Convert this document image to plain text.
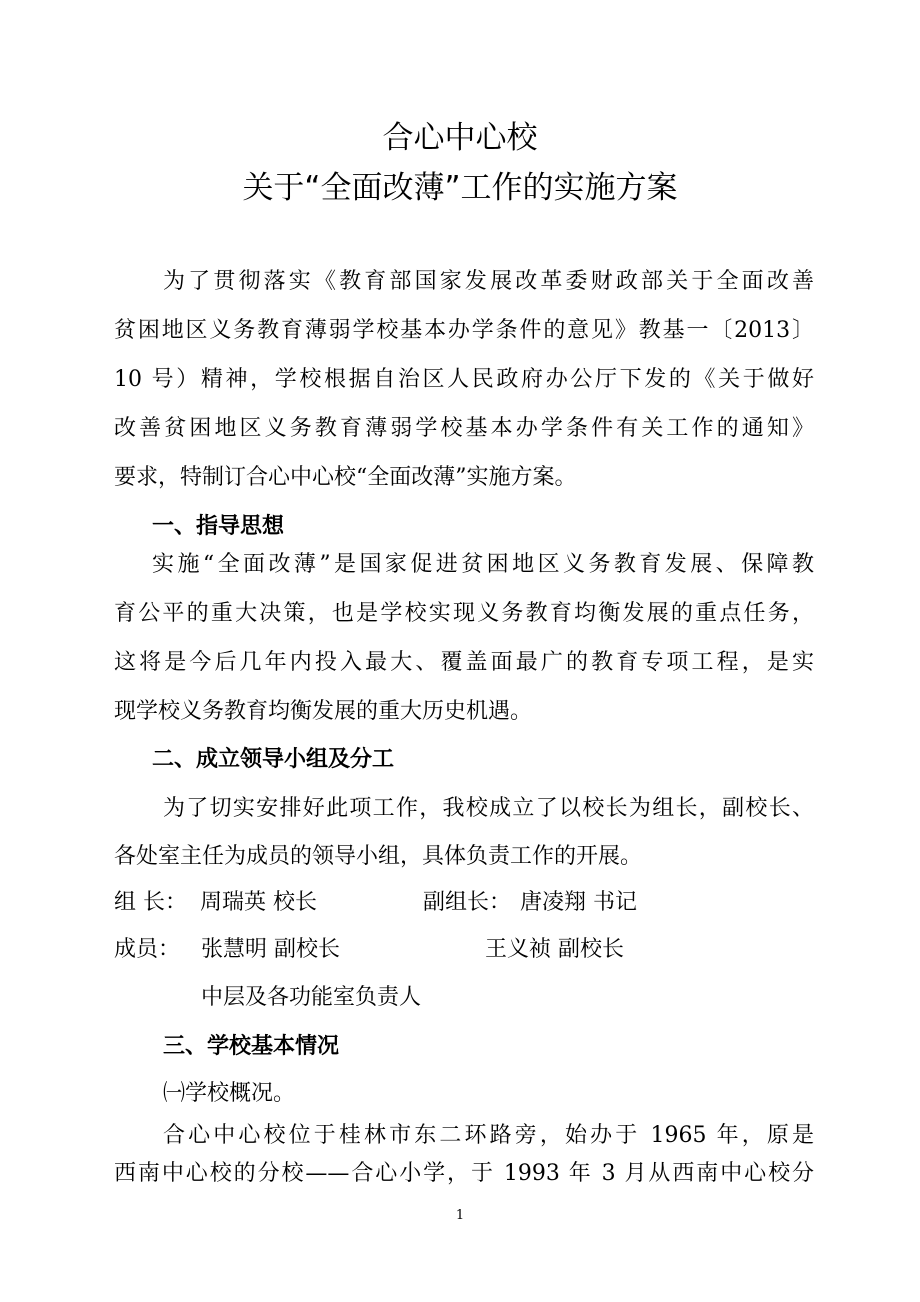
合心中心校
关于“全面改薄”工作的实施方案
为了贯彻落实《教育部国家发展改革委财政部关于全面改善
贫困地区义务教育薄弱学校基本办学条件的意见》教基一〔2013〕
10 号）精神，学校根据自治区人民政府办公厅下发的《关于做好
改善贫困地区义务教育薄弱学校基本办学条件有关工作的通知》
要求，特制订合心中心校“全面改薄”实施方案。
一、指导思想
实施“全面改薄”是国家促进贫困地区义务教育发展、保障教
育公平的重大决策，也是学校实现义务教育均衡发展的重点任务，
这将是今后几年内投入最大、覆盖面最广的教育专项工程，是实
现学校义务教育均衡发展的重大历史机遇。
二、成立领导小组及分工
为了切实安排好此项工作，我校成立了以校长为组长，副校长、
各处室主任为成员的领导小组，具体负责工作的开展。
组 长： 周瑞英 校长	副组长： 唐凌翔 书记
成员： 张慧明 副校长	王义祯 副校长
中层及各功能室负责人
三、学校基本情况
㈠学校概况。
合心中心校位于桂林市东二环路旁，始办于 1965 年，原是
西南中心校的分校——合心小学，于 1993 年 3 月从西南中心校分
1
